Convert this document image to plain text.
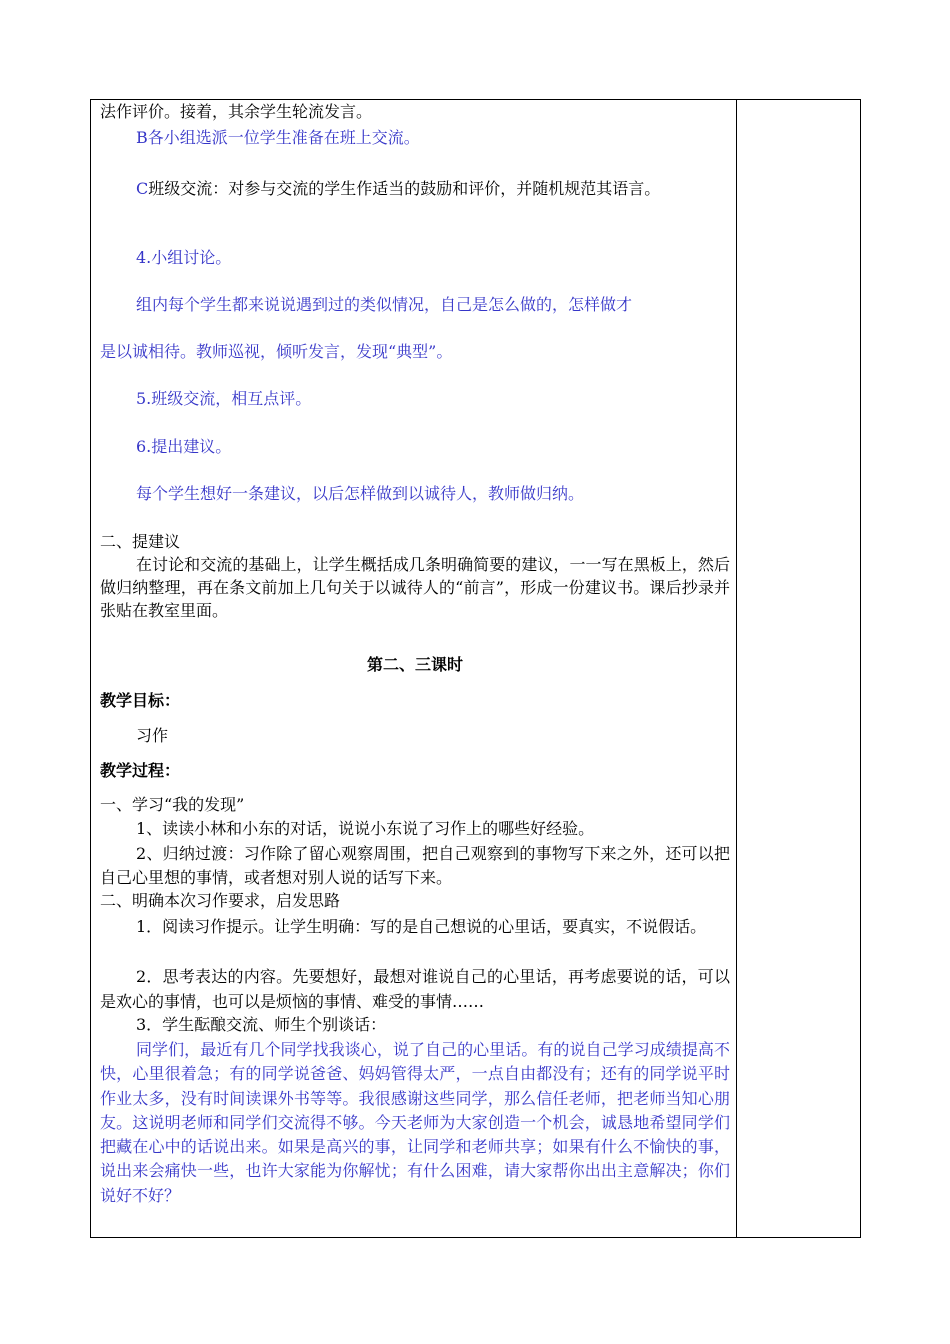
法作评价。接着，其余学生轮流发言。
B各小组选派一位学生准备在班上交流。
C班级交流：对参与交流的学生作适当的鼓励和评价，并随机规范其语言。
4.小组讨论。
组内每个学生都来说说遇到过的类似情况，自己是怎么做的，怎样做才
是以诚相待。教师巡视，倾听发言，发现“典型”。
5.班级交流，相互点评。
6.提出建议。
每个学生想好一条建议，以后怎样做到以诚待人，教师做归纳。
二、提建议
在讨论和交流的基础上，让学生概括成几条明确简要的建议，一一写在黑板上，然后做归纳整理，再在条文前加上几句关于以诚待人的“前言”，形成一份建议书。课后抄录并张贴在教室里面。
第二、三课时
教学目标：
习作
教学过程：
一、学习“我的发现”
1、读读小林和小东的对话，说说小东说了习作上的哪些好经验。
2、归纳过渡：习作除了留心观察周围，把自己观察到的事物写下来之外，还可以把自己心里想的事情，或者想对别人说的话写下来。
二、明确本次习作要求，启发思路
1．阅读习作提示。让学生明确：写的是自己想说的心里话，要真实，不说假话。
2．思考表达的内容。先要想好，最想对谁说自己的心里话，再考虑要说的话，可以是欢心的事情，也可以是烦恼的事情、难受的事情……
3．学生酝酿交流、师生个别谈话：
同学们，最近有几个同学找我谈心，说了自己的心里话。有的说自己学习成绩提高不快，心里很着急；有的同学说爸爸、妈妈管得太严，一点自由都没有；还有的同学说平时作业太多，没有时间读课外书等等。我很感谢这些同学，那么信任老师，把老师当知心朋友。这说明老师和同学们交流得不够。今天老师为大家创造一个机会，诚恳地希望同学们把藏在心中的话说出来。如果是高兴的事，让同学和老师共享；如果有什么不愉快的事，说出来会痛快一些，也许大家能为你解忧；有什么困难，请大家帮你出出主意解决；你们说好不好？
